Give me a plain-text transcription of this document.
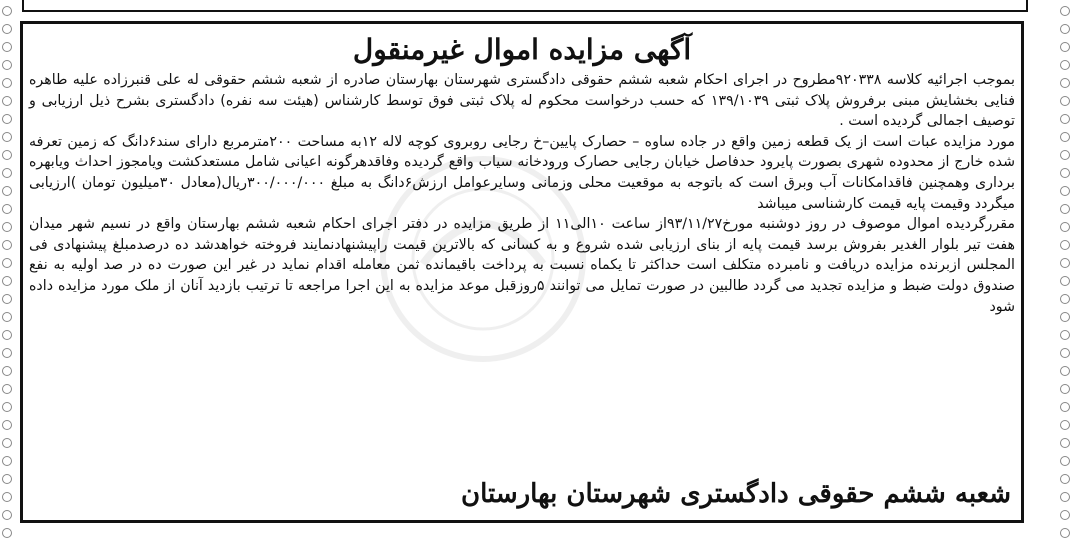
آگهی مزایده اموال غیرمنقول

بموجب اجرائیه کلاسه ۹۲۰۳۳۸مطروح در اجرای احکام شعبه ششم حقوقی دادگستری شهرستان بهارستان صادره از شعبه ششم حقوقی له علی قنبرزاده علیه طاهره فنایی بخشایش مبنی برفروش پلاک ثبتی ۱۳۹/۱۰۳۹ که حسب درخواست محکوم له پلاک ثبتی فوق توسط کارشناس (هیئت سه نفره) دادگستری بشرح ذیل ارزیابی و توصیف اجمالی گردیده است .

مورد مزایده عبات است از یک قطعه زمین واقع در جاده ساوه – حصارک پایین–خ رجایی روبروی کوچه لاله ۱۲به مساحت ۲۰۰مترمربع دارای سند۶دانگ که زمین تعرفه شده خارج از محدوده شهری بصورت پایرود حدفاصل خیابان رجایی حصارک ورودخانه سیاب واقع گردیده وفاقدهرگونه اعیانی شامل مستعدکشت ویامجوز احداث ویابهره برداری وهمچنین فاقدامکانات آب وبرق است که باتوجه به موقعیت محلی وزمانی وسایرعوامل ارزش۶دانگ به مبلغ ۳۰۰/۰۰۰/۰۰۰ریال(معادل ۳۰میلیون تومان )ارزیابی میگردد وقیمت پایه قیمت کارشناسی میباشد

مقررگردیده اموال موصوف در روز دوشنبه مورخ۹۳/۱۱/۲۷از ساعت ۱۰الی۱۱ از طریق مزایده در دفتر اجرای احکام شعبه ششم بهارستان واقع در نسیم شهر میدان هفت تیر بلوار الغدیر بفروش برسد قیمت پایه از بنای ارزیابی شده شروع و به کسانی که بالاترین قیمت راپیشنهادنمایند فروخته خواهدشد ده درصدمبلغ پیشنهادی فی المجلس ازبرنده مزایده دریافت و نامبرده متکلف است حداکثر تا یکماه نسبت به پرداخت باقیمانده ثمن معامله اقدام نماید در غیر این صورت ده در صد اولیه به نفع صندوق دولت ضبط و مزایده تجدید می گردد طالبین در صورت تمایل می توانند ۵روزقبل موعد مزایده به این اجرا مراجعه تا ترتیب بازدید آنان از ملک مورد مزایده داده شود

شعبه ششم حقوقی دادگستری شهرستان بهارستان
